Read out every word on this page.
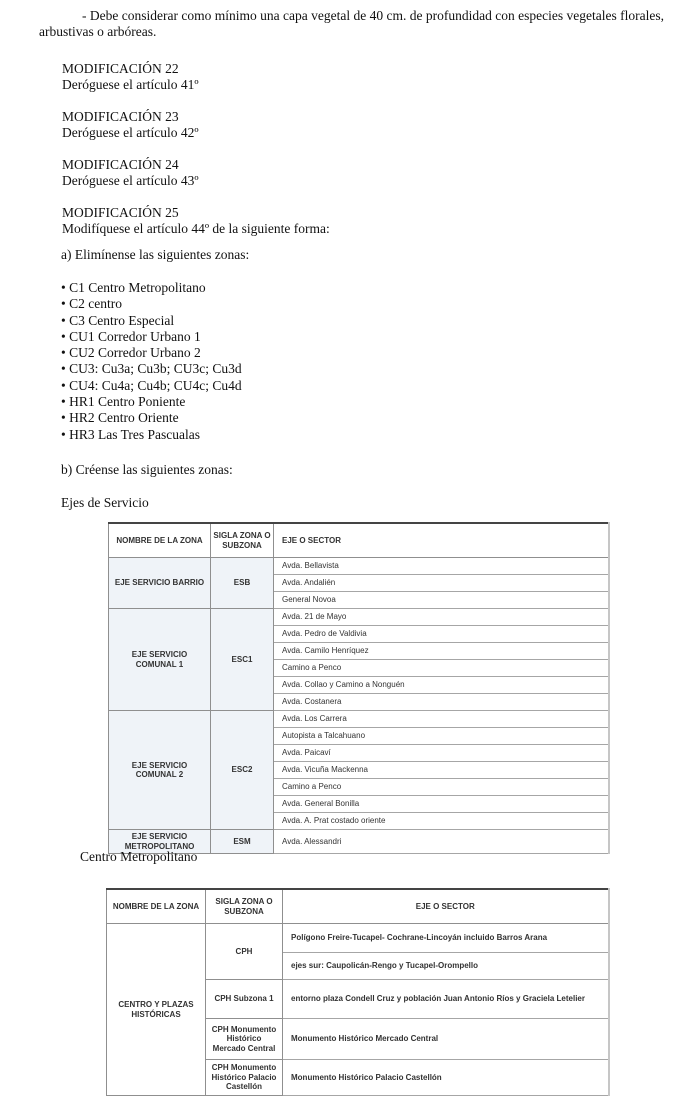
- Debe considerar como mínimo una capa vegetal de 40 cm. de profundidad con especies vegetales florales, arbustivas o arbóreas.
MODIFICACIÓN 22
Deróguese el artículo 41º
MODIFICACIÓN 23
Deróguese el artículo 42º
MODIFICACIÓN 24
Deróguese el artículo 43º
MODIFICACIÓN 25
Modifíquese el artículo 44º de la siguiente forma:
a) Elimínense las siguientes zonas:
• C1 Centro Metropolitano
• C2 centro
• C3 Centro Especial
• CU1 Corredor Urbano 1
• CU2 Corredor Urbano 2
• CU3: Cu3a; Cu3b; CU3c; Cu3d
• CU4: Cu4a; Cu4b; CU4c; Cu4d
• HR1 Centro Poniente
• HR2 Centro Oriente
• HR3 Las Tres Pascualas
b) Créense las siguientes zonas:
Ejes de Servicio
NOMBRE DE LA ZONA	SIGLA ZONA O SUBZONA	EJE O SECTOR
EJE SERVICIO BARRIO	ESB	Avda. Bellavista
		Avda. Andalién
		General Novoa
EJE SERVICIO COMUNAL 1	ESC1	Avda. 21 de Mayo
		Avda. Pedro de Valdivia
		Avda. Camilo Henríquez
		Camino a Penco
		Avda. Collao y Camino a Nonguén
		Avda. Costanera
EJE SERVICIO COMUNAL 2	ESC2	Avda. Los Carrera
		Autopista a Talcahuano
		Avda. Paicaví
		Avda. Vicuña Mackenna
		Camino a Penco
		Avda. General Bonilla
		Avda. A. Prat costado oriente
EJE SERVICIO METROPOLITANO	ESM	Avda. Alessandri
Centro Metropolitano
NOMBRE DE LA ZONA	SIGLA ZONA O SUBZONA	EJE O SECTOR
CENTRO Y PLAZAS HISTÓRICAS	CPH	Polígono Freire-Tucapel- Cochrane-Lincoyán incluido Barros Arana
		ejes sur: Caupolicán-Rengo y Tucapel-Orompello
	CPH Subzona 1	entorno plaza Condell Cruz y población Juan Antonio Ríos y Graciela Letelier
	CPH Monumento Histórico Mercado Central	Monumento Histórico Mercado Central
	CPH Monumento Histórico Palacio Castellón	Monumento Histórico Palacio Castellón
